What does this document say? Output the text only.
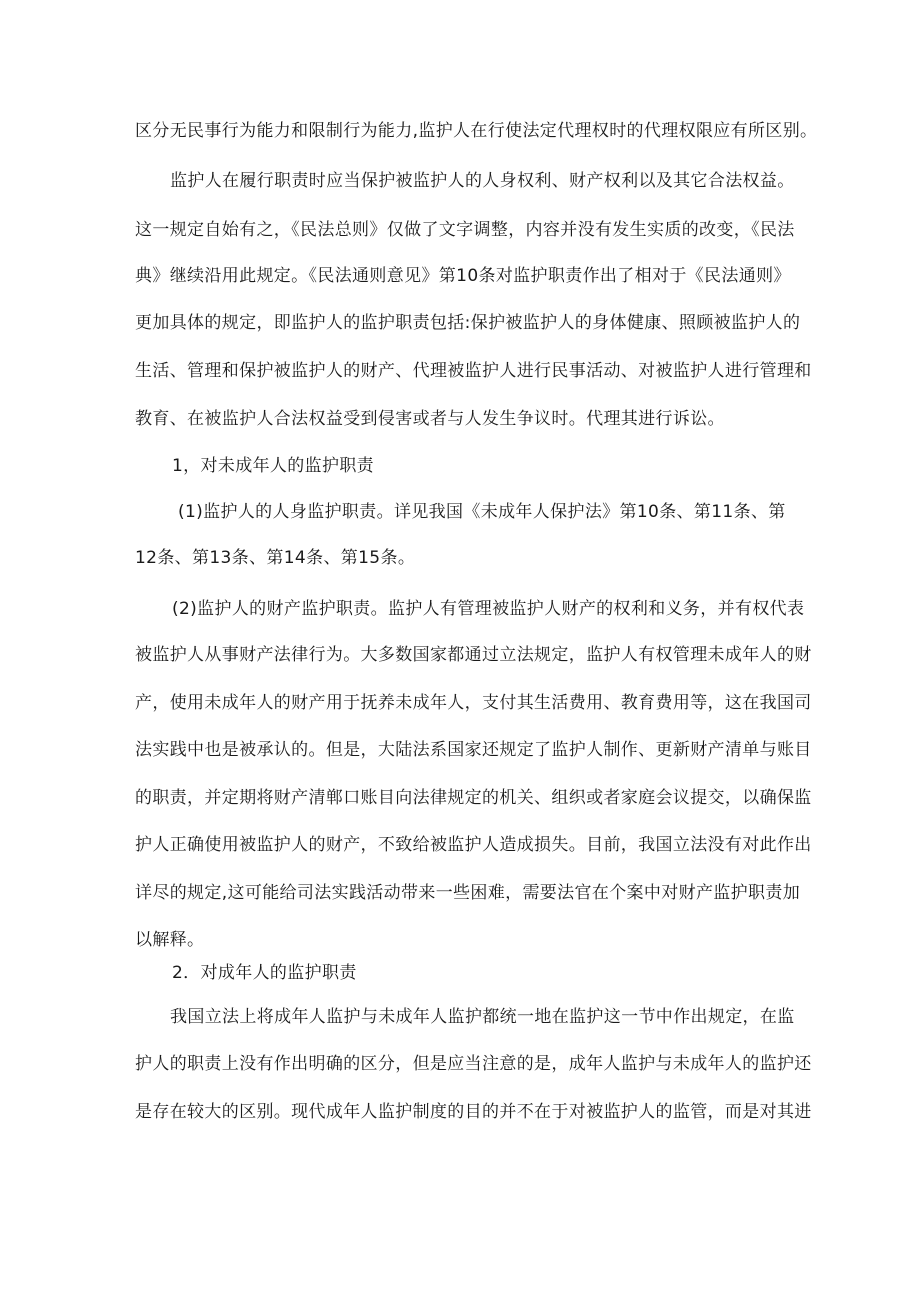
区分无民事行为能力和限制行为能力,监护人在行使法定代理权时的代理权限应有所区别。
监护人在履行职责时应当保护被监护人的人身权利、财产权利以及其它合法权益。
这一规定自始有之，《民法总则》仅做了文字调整，内容并没有发生实质的改变，《民法
典》继续沿用此规定。《民法通则意见》第10条对监护职责作出了相对于《民法通则》
更加具体的规定，即监护人的监护职责包括:保护被监护人的身体健康、照顾被监护人的
生活、管理和保护被监护人的财产、代理被监护人进行民事活动、对被监护人进行管理和
教育、在被监护人合法权益受到侵害或者与人发生争议时。代理其进行诉讼。
1，对未成年人的监护职责
(1)监护人的人身监护职责。详见我国《未成年人保护法》第10条、第11条、第
12条、第13条、第14条、第15条。
(2)监护人的财产监护职责。监护人有管理被监护人财产的权利和义务，并有权代表
被监护人从事财产法律行为。大多数国家都通过立法规定，监护人有权管理未成年人的财
产，使用未成年人的财产用于抚养未成年人，支付其生活费用、教育费用等，这在我国司
法实践中也是被承认的。但是，大陆法系国家还规定了监护人制作、更新财产清单与账目
的职责，并定期将财产清郸口账目向法律规定的机关、组织或者家庭会议提交，以确保监
护人正确使用被监护人的财产，不致给被监护人造成损失。目前，我国立法没有对此作出
详尽的规定,这可能给司法实践活动带来一些困难，需要法官在个案中对财产监护职责加
以解释。
2．对成年人的监护职责
我国立法上将成年人监护与未成年人监护都统一地在监护这一节中作出规定，在监
护人的职责上没有作出明确的区分，但是应当注意的是，成年人监护与未成年人的监护还
是存在较大的区别。现代成年人监护制度的目的并不在于对被监护人的监管，而是对其进
